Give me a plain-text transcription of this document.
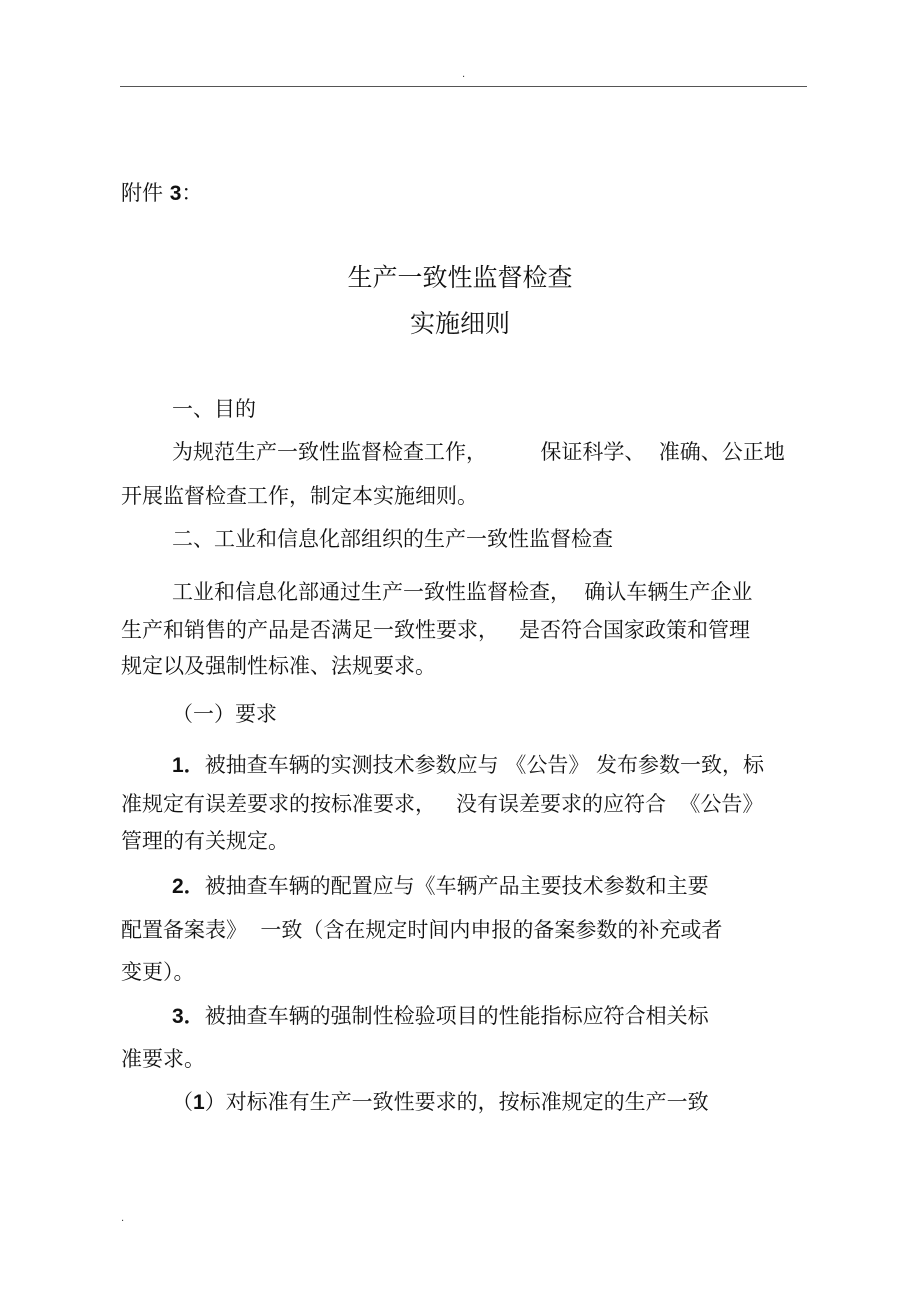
.
附件 3：
生产一致性监督检查
实施细则
一、目的
为规范生产一致性监督检查工作，        保证科学、  准确、公正地
开展监督检查工作，制定本实施细则。
二、工业和信息化部组织的生产一致性监督检查
工业和信息化部通过生产一致性监督检查，  确认车辆生产企业
生产和销售的产品是否满足一致性要求，   是否符合国家政策和管理
规定以及强制性标准、法规要求。
（一）要求
1．被抽查车辆的实测技术参数应与 《公告》 发布参数一致，标
准规定有误差要求的按标准要求，   没有误差要求的应符合  《公告》
管理的有关规定。
2．被抽查车辆的配置应与《车辆产品主要技术参数和主要
配置备案表》  一致（含在规定时间内申报的备案参数的补充或者
变更）。
3．被抽查车辆的强制性检验项目的性能指标应符合相关标
准要求。
（1）对标准有生产一致性要求的，按标准规定的生产一致
.
